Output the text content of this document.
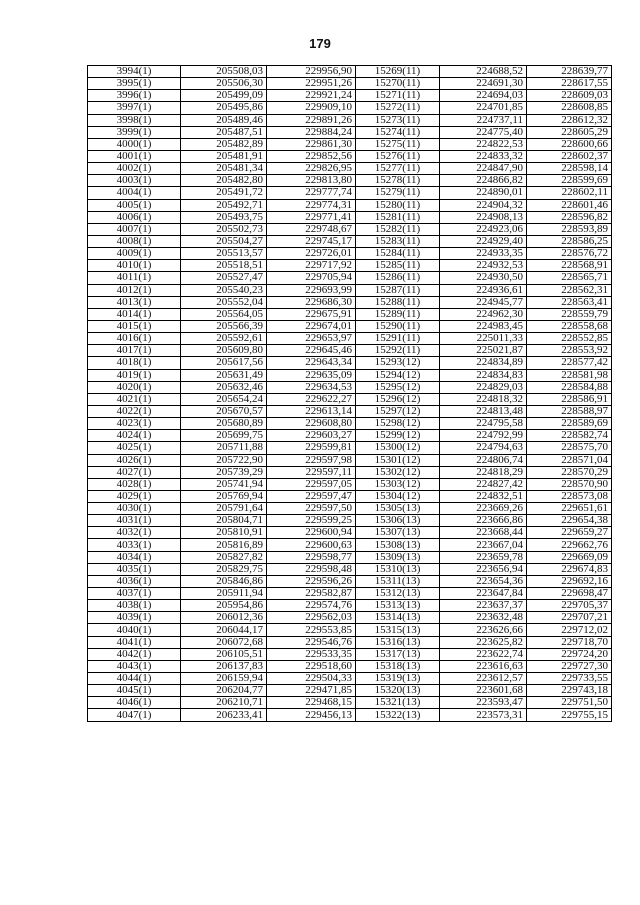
179
3994(1)	205508,03	229956,90	15269(11)	224688,52	228639,77
3995(1)	205506,30	229951,26	15270(11)	224691,30	228617,55
3996(1)	205499,09	229921,24	15271(11)	224694,03	228609,03
3997(1)	205495,86	229909,10	15272(11)	224701,85	228608,85
3998(1)	205489,46	229891,26	15273(11)	224737,11	228612,32
3999(1)	205487,51	229884,24	15274(11)	224775,40	228605,29
4000(1)	205482,89	229861,30	15275(11)	224822,53	228600,66
4001(1)	205481,91	229852,56	15276(11)	224833,32	228602,37
4002(1)	205481,34	229826,95	15277(11)	224847,90	228598,14
4003(1)	205482,80	229813,80	15278(11)	224866,82	228599,69
4004(1)	205491,72	229777,74	15279(11)	224890,01	228602,11
4005(1)	205492,71	229774,31	15280(11)	224904,32	228601,46
4006(1)	205493,75	229771,41	15281(11)	224908,13	228596,82
4007(1)	205502,73	229748,67	15282(11)	224923,06	228593,89
4008(1)	205504,27	229745,17	15283(11)	224929,40	228586,25
4009(1)	205513,57	229726,01	15284(11)	224933,35	228576,72
4010(1)	205518,51	229717,92	15285(11)	224932,53	228568,91
4011(1)	205527,47	229705,94	15286(11)	224930,50	228565,71
4012(1)	205540,23	229693,99	15287(11)	224936,61	228562,31
4013(1)	205552,04	229686,30	15288(11)	224945,77	228563,41
4014(1)	205564,05	229675,91	15289(11)	224962,30	228559,79
4015(1)	205566,39	229674,01	15290(11)	224983,45	228558,68
4016(1)	205592,61	229653,97	15291(11)	225011,33	228552,85
4017(1)	205609,80	229645,46	15292(11)	225021,87	228553,92
4018(1)	205617,56	229643,34	15293(12)	224834,89	228577,42
4019(1)	205631,49	229635,09	15294(12)	224834,83	228581,98
4020(1)	205632,46	229634,53	15295(12)	224829,03	228584,88
4021(1)	205654,24	229622,27	15296(12)	224818,32	228586,91
4022(1)	205670,57	229613,14	15297(12)	224813,48	228588,97
4023(1)	205680,89	229608,80	15298(12)	224795,58	228589,69
4024(1)	205699,75	229603,27	15299(12)	224792,99	228582,74
4025(1)	205711,88	229599,81	15300(12)	224794,63	228575,70
4026(1)	205722,90	229597,98	15301(12)	224806,74	228571,04
4027(1)	205739,29	229597,11	15302(12)	224818,29	228570,29
4028(1)	205741,94	229597,05	15303(12)	224827,42	228570,90
4029(1)	205769,94	229597,47	15304(12)	224832,51	228573,08
4030(1)	205791,64	229597,50	15305(13)	223669,26	229651,61
4031(1)	205804,71	229599,25	15306(13)	223666,86	229654,38
4032(1)	205810,91	229600,94	15307(13)	223668,44	229659,27
4033(1)	205816,89	229600,63	15308(13)	223667,04	229662,76
4034(1)	205827,82	229598,77	15309(13)	223659,78	229669,09
4035(1)	205829,75	229598,48	15310(13)	223656,94	229674,83
4036(1)	205846,86	229596,26	15311(13)	223654,36	229692,16
4037(1)	205911,94	229582,87	15312(13)	223647,84	229698,47
4038(1)	205954,86	229574,76	15313(13)	223637,37	229705,37
4039(1)	206012,36	229562,03	15314(13)	223632,48	229707,21
4040(1)	206044,17	229553,85	15315(13)	223626,66	229712,02
4041(1)	206072,68	229546,76	15316(13)	223625,82	229718,70
4042(1)	206105,51	229533,35	15317(13)	223622,74	229724,20
4043(1)	206137,83	229518,60	15318(13)	223616,63	229727,30
4044(1)	206159,94	229504,33	15319(13)	223612,57	229733,55
4045(1)	206204,77	229471,85	15320(13)	223601,68	229743,18
4046(1)	206210,71	229468,15	15321(13)	223593,47	229751,50
4047(1)	206233,41	229456,13	15322(13)	223573,31	229755,15
